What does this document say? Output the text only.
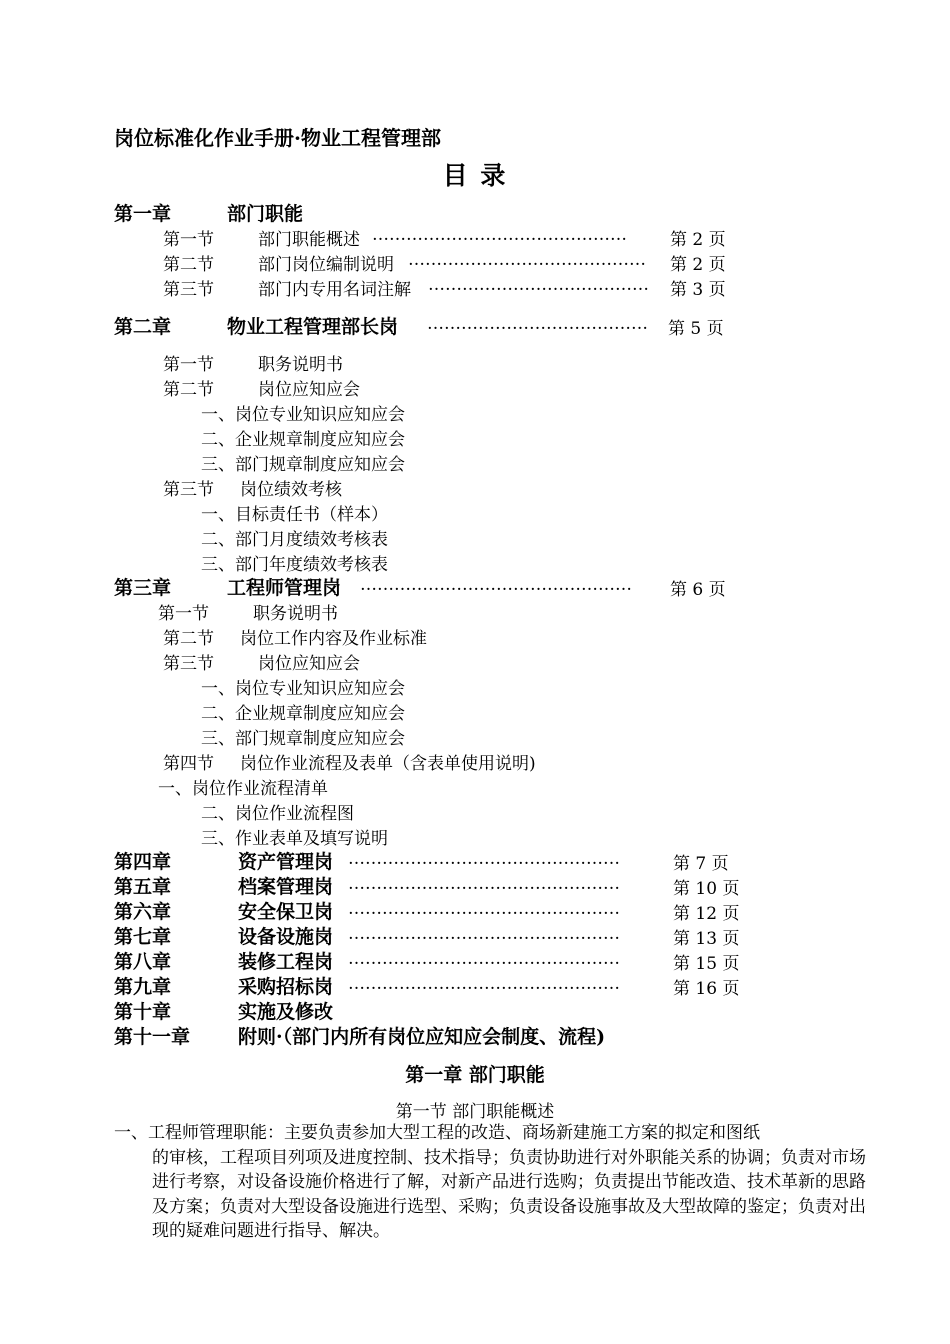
岗位标准化作业手册·物业工程管理部
目 录
第一章	部门职能
第一节	部门职能概述 ………………………………………	第 2 页
第二节	部门岗位编制说明 …………………………………… 第 2 页
第三节	部门内专用名词注解 ………………………………… 第 3 页
第二章	物业工程管理部长岗 ………………………………… 第 5 页
第一节	职务说明书
第二节	岗位应知应会
一、岗位专业知识应知应会
二、企业规章制度应知应会
三、部门规章制度应知应会
第三节 岗位绩效考核
一、目标责任书（样本）
二、部门月度绩效考核表
三、部门年度绩效考核表
第三章	工程师管理岗 ………………………………………… 第 6 页
第一节	职务说明书
第二节 岗位工作内容及作业标准
第三节	岗位应知应会
一、岗位专业知识应知应会
二、企业规章制度应知应会
三、部门规章制度应知应会
第四节 岗位作业流程及表单（含表单使用说明)
一、岗位作业流程清单
二、岗位作业流程图
三、作业表单及填写说明
第四章	资产管理岗 …………………………………………	第 7 页
第五章	档案管理岗 …………………………………………	第 10 页
第六章	安全保卫岗 …………………………………………	第 12 页
第七章	设备设施岗 …………………………………………	第 13 页
第八章	装修工程岗 …………………………………………	第 15 页
第九章	采购招标岗 …………………………………………	第 16 页
第十章	实施及修改
第十一章	附则·（部门内所有岗位应知应会制度、流程)
第一章 部门职能
第一节 部门职能概述
一、工程师管理职能：主要负责参加大型工程的改造、商场新建施工方案的拟定和图纸
的审核，工程项目列项及进度控制、技术指导；负责协助进行对外职能关系的协调；负责对市场进行考察，对设备设施价格进行了解，对新产品进行选购；负责提出节能改造、技术革新的思路及方案；负责对大型设备设施进行选型、采购；负责设备设施事故及大型故障的鉴定；负责对出现的疑难问题进行指导、解决。
